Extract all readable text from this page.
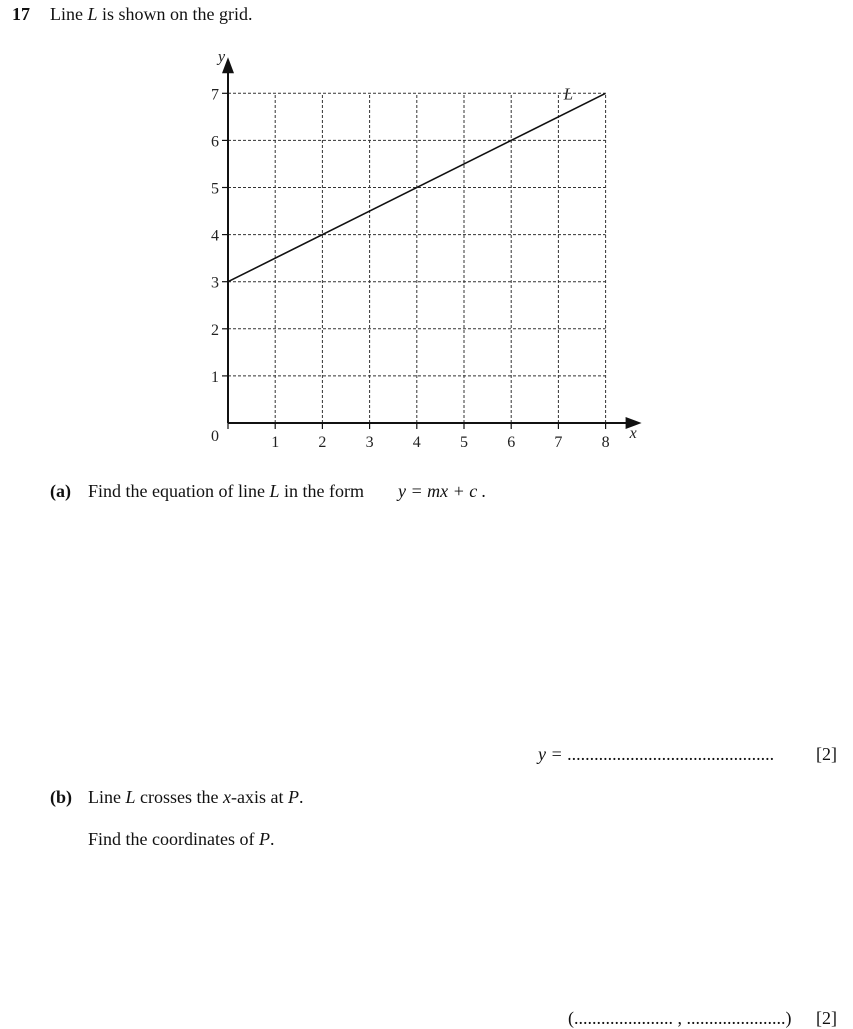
17 Line L is shown on the grid.
1 2 3 4 5 6 7 8
1
2
3
4
5
6
7	L
x
y
0
(a) Find the equation of line L in the form y = mx + c .
y = .............................................. [2]
(b) Line L crosses the x-axis at P.
Find the coordinates of P.
(...................... , ......................) [2]
